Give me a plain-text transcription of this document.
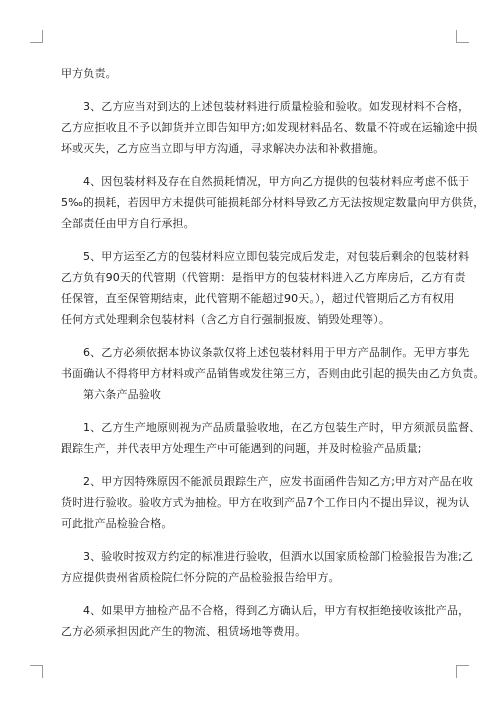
甲方负责。
3、乙方应当对到达的上述包装材料进行质量检验和验收。如发现材料不合格，
乙方应拒收且不予以卸货并立即告知甲方;如发现材料品名、数量不符或在运输途中损
坏或灭失，乙方应当立即与甲方沟通，寻求解决办法和补救措施。
4、因包装材料及存在自然损耗情况，甲方向乙方提供的包装材料应考虑不低于
5‰的损耗，若因甲方未提供可能损耗部分材料导致乙方无法按规定数量向甲方供货，
全部责任由甲方自行承担。
5、甲方运至乙方的包装材料应立即包装完成后发走，对包装后剩余的包装材料
乙方负有90天的代管期（代管期：是指甲方的包装材料进入乙方库房后，乙方有责
任保管，直至保管期结束，此代管期不能超过90天。），超过代管期后乙方有权用
任何方式处理剩余包装材料（含乙方自行强制报废、销毁处理等）。
6、乙方必须依据本协议条款仅将上述包装材料用于甲方产品制作。无甲方事先
书面确认不得将甲方材料或产品销售或发往第三方，否则由此引起的损失由乙方负责。
第六条产品验收
1、乙方生产地原则视为产品质量验收地，在乙方包装生产时，甲方须派员监督、
跟踪生产，并代表甲方处理生产中可能遇到的问题，并及时检验产品质量;
2、甲方因特殊原因不能派员跟踪生产，应发书面函件告知乙方;甲方对产品在收
货时进行验收。验收方式为抽检。甲方在收到产品7个工作日内不提出异议，视为认
可此批产品检验合格。
3、验收时按双方约定的标准进行验收，但酒水以国家质检部门检验报告为准;乙
方应提供贵州省质检院仁怀分院的产品检验报告给甲方。
4、如果甲方抽检产品不合格，得到乙方确认后，甲方有权拒绝接收该批产品，
乙方必须承担因此产生的物流、租赁场地等费用。
